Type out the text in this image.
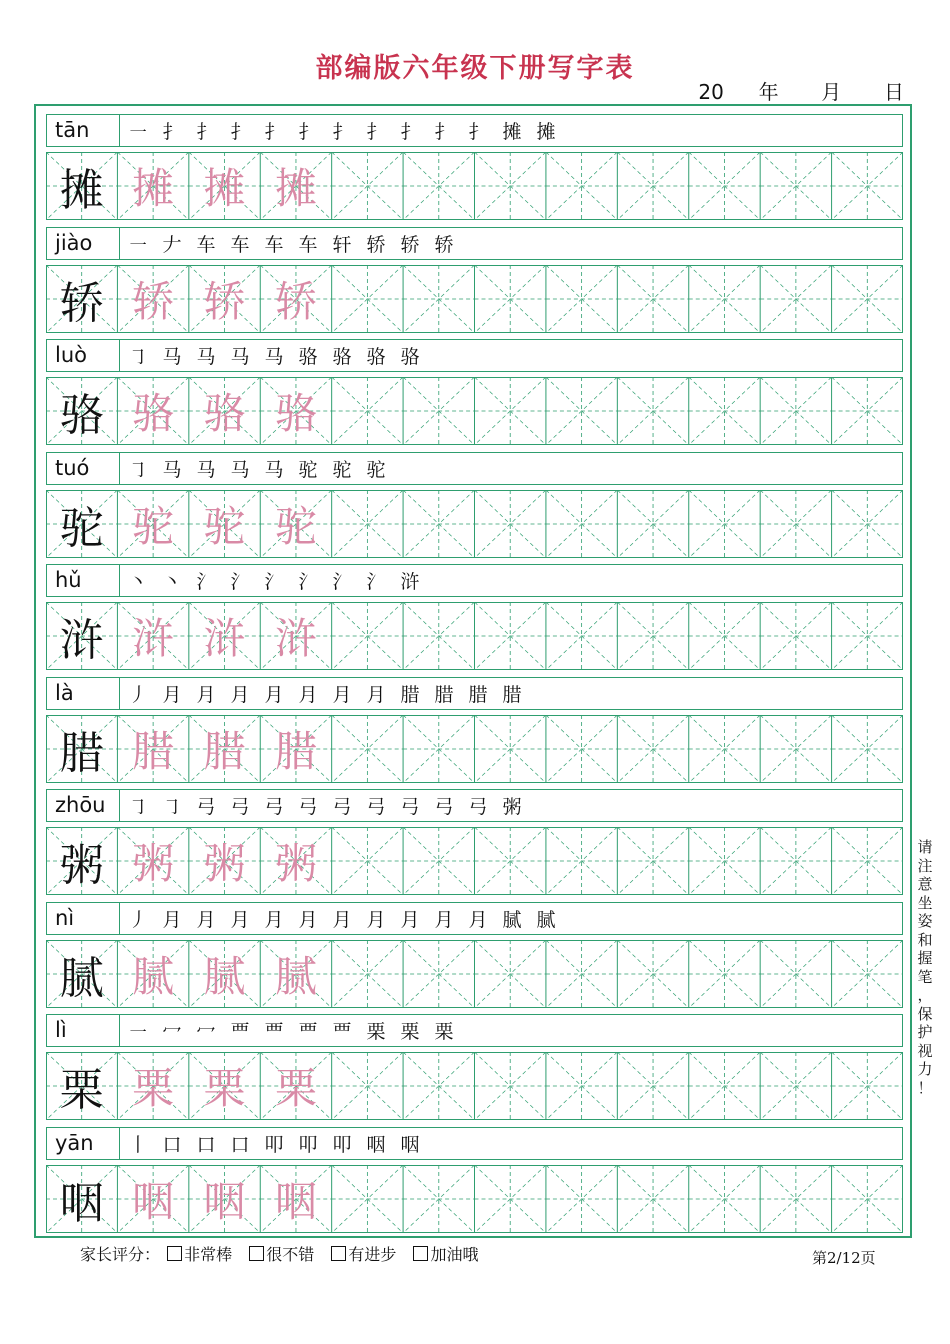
部编版六年级下册写字表
20 年 月 日
tān	㇐ 扌 扌 扌 扌 扌 扌 扌 扌 扌 扌 摊 摊
摊 摊 摊 摊
jiào	㇐ 𠂇 车 车 车 车 轩 轿 轿 轿
轿 轿 轿 轿
luò	㇆ 马 马 马 马 骆 骆 骆 骆
骆 骆 骆 骆
tuó	㇆ 马 马 马 马 驼 驼 驼
驼 驼 驼 驼
hǔ	丶 丶 氵 氵 氵 氵 氵 氵 浒
浒 浒 浒 浒
là	丿 月 月 月 月 月 月 月 腊 腊 腊 腊
腊 腊 腊 腊
zhōu	㇆ ㇆ 弓 弓 弓 弓 弓 弓 弓 弓 弓 粥
粥 粥 粥 粥
nì	丿 月 月 月 月 月 月 月 月 月 月 腻 腻
腻 腻 腻 腻
lì	㇐ 冖 冖 覀 覀 覀 覀 栗 栗 栗
栗 栗 栗 栗
yān	丨 口 口 口 叩 叩 叩 咽 咽
咽 咽 咽 咽
请
注
意
坐
姿
和
握
笔
，
保
护
视
力
！
家长评分： 非常棒 很不错 有进步 加油哦	第2/12页
